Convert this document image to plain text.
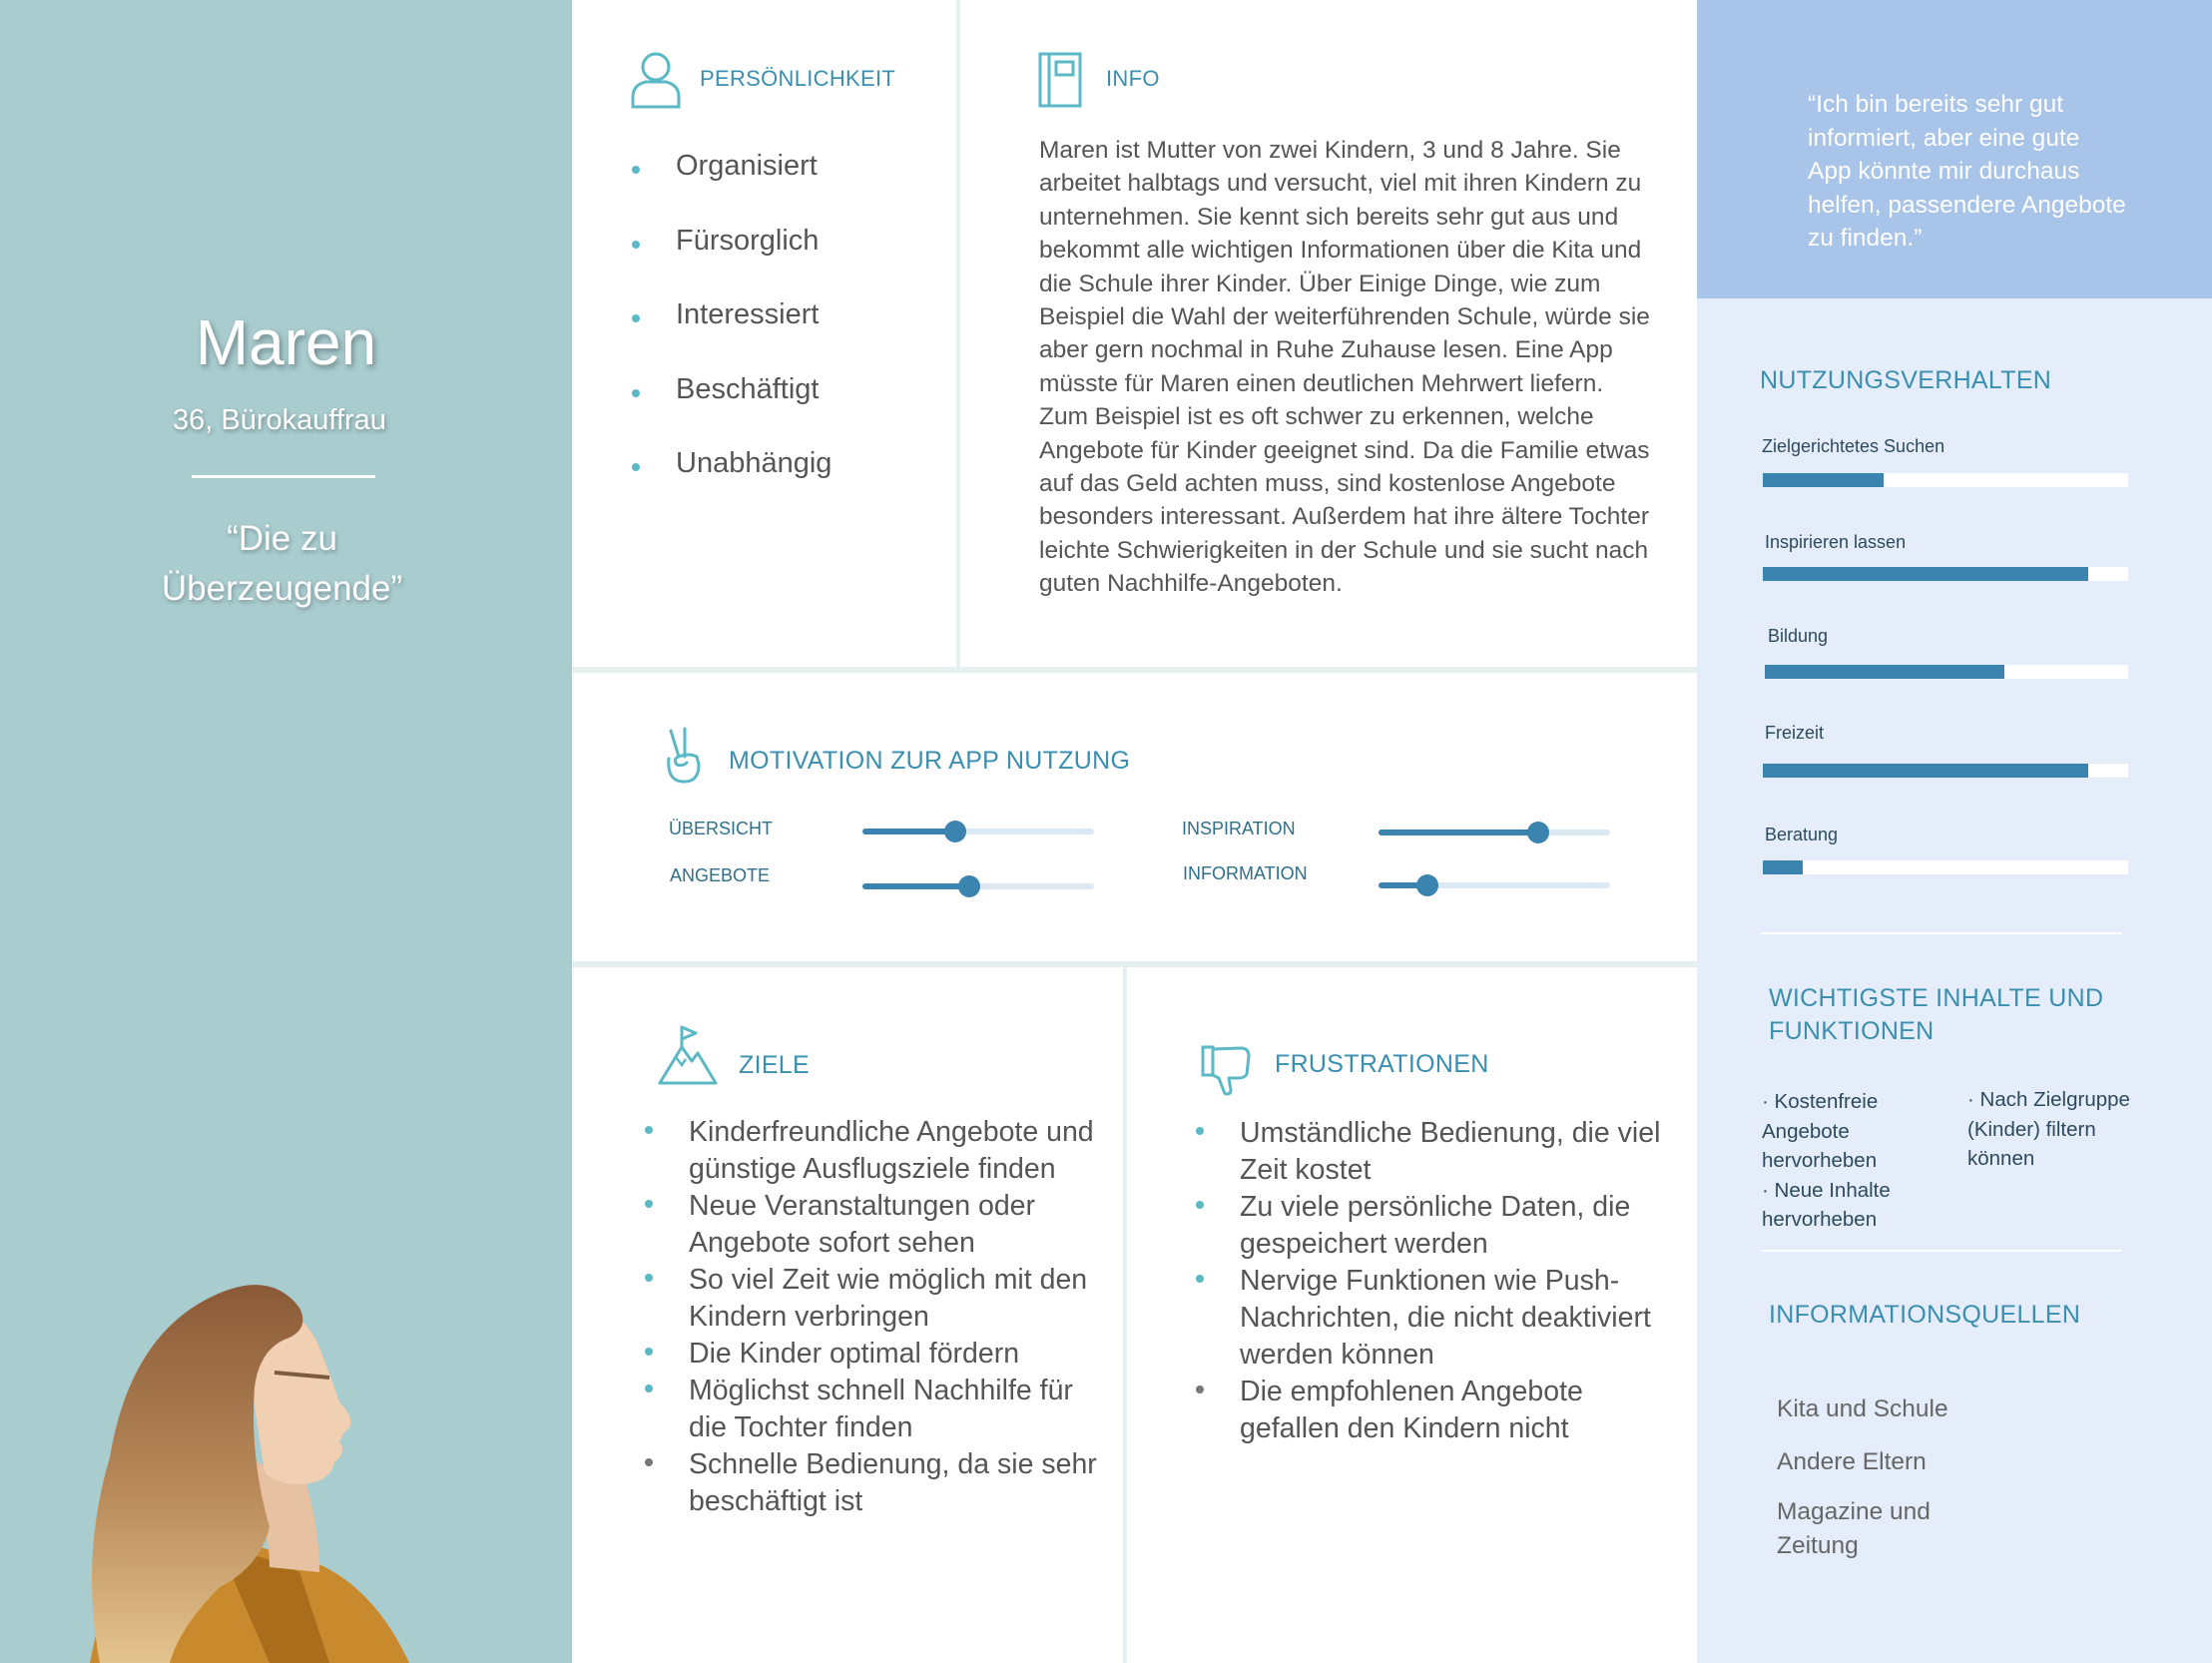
Maren
36, Bürokauffrau
“Die zu
Überzeugende”
PERSÖNLICHKEIT
Organisiert
Fürsorglich
Interessiert
Beschäftigt
Unabhängig
INFO
Maren ist Mutter von zwei Kindern, 3 und 8 Jahre. Sie arbeitet halbtags und versucht, viel mit ihren Kindern zu unternehmen. Sie kennt sich bereits sehr gut aus und bekommt alle wichtigen Informationen über die Kita und die Schule ihrer Kinder. Über Einige Dinge, wie zum Beispiel die Wahl der weiterführenden Schule, würde sie aber gern nochmal in Ruhe Zuhause lesen. Eine App müsste für Maren einen deutlichen Mehrwert liefern. Zum Beispiel ist es oft schwer zu erkennen, welche Angebote für Kinder geeignet sind. Da die Familie etwas auf das Geld achten muss, sind kostenlose Angebote besonders interessant. Außerdem hat ihre ältere Tochter leichte Schwierigkeiten in der Schule und sie sucht nach guten Nachhilfe-Angeboten.
MOTIVATION ZUR APP NUTZUNG
ÜBERSICHT
ANGEBOTE
INSPIRATION
INFORMATION
ZIELE
Kinderfreundliche Angebote und günstige Ausflugsziele finden
Neue Veranstaltungen oder Angebote sofort sehen
So viel Zeit wie möglich mit den Kindern verbringen
Die Kinder optimal fördern
Möglichst schnell Nachhilfe für die Tochter finden
Schnelle Bedienung, da sie sehr beschäftigt ist
FRUSTRATIONEN
Umständliche Bedienung, die viel Zeit kostet
Zu viele persönliche Daten, die gespeichert werden
Nervige Funktionen wie Push-Nachrichten, die nicht deaktiviert werden können
Die empfohlenen Angebote gefallen den Kindern nicht
“Ich bin bereits sehr gut informiert, aber eine gute App könnte mir durchaus helfen, passendere Angebote zu finden.”
NUTZUNGSVERHALTEN
Zielgerichtetes Suchen
Inspirieren lassen
Bildung
Freizeit
Beratung
WICHTIGSTE INHALTE UND FUNKTIONEN
· Kostenfreie Angebote hervorheben
· Neue Inhalte hervorheben
· Nach Zielgruppe (Kinder) filtern können
INFORMATIONSQUELLEN
Kita und Schule
Andere Eltern
Magazine und Zeitung
